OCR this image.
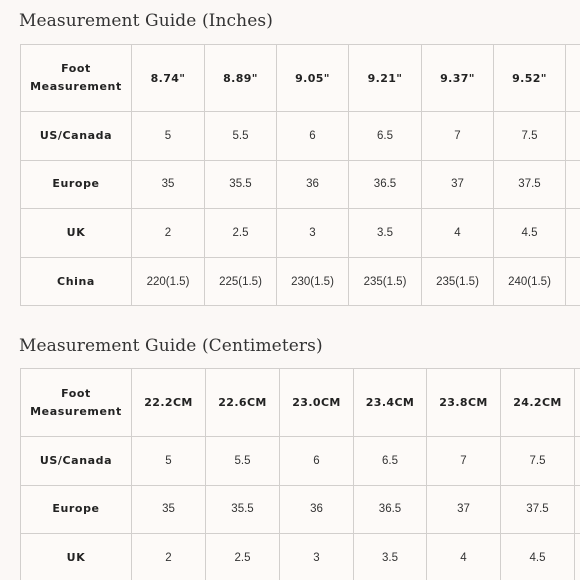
Measurement Guide (Inches)
Foot Measurement	8.74"	8.89"	9.05"	9.21"	9.37"	9.52"	
US/Canada	5	5.5	6	6.5	7	7.5	
Europe	35	35.5	36	36.5	37	37.5	
UK	2	2.5	3	3.5	4	4.5	
China	220(1.5)	225(1.5)	230(1.5)	235(1.5)	235(1.5)	240(1.5)	
Measurement Guide (Centimeters)
Foot Measurement	22.2CM	22.6CM	23.0CM	23.4CM	23.8CM	24.2CM	
US/Canada	5	5.5	6	6.5	7	7.5	
Europe	35	35.5	36	36.5	37	37.5	
UK	2	2.5	3	3.5	4	4.5	
